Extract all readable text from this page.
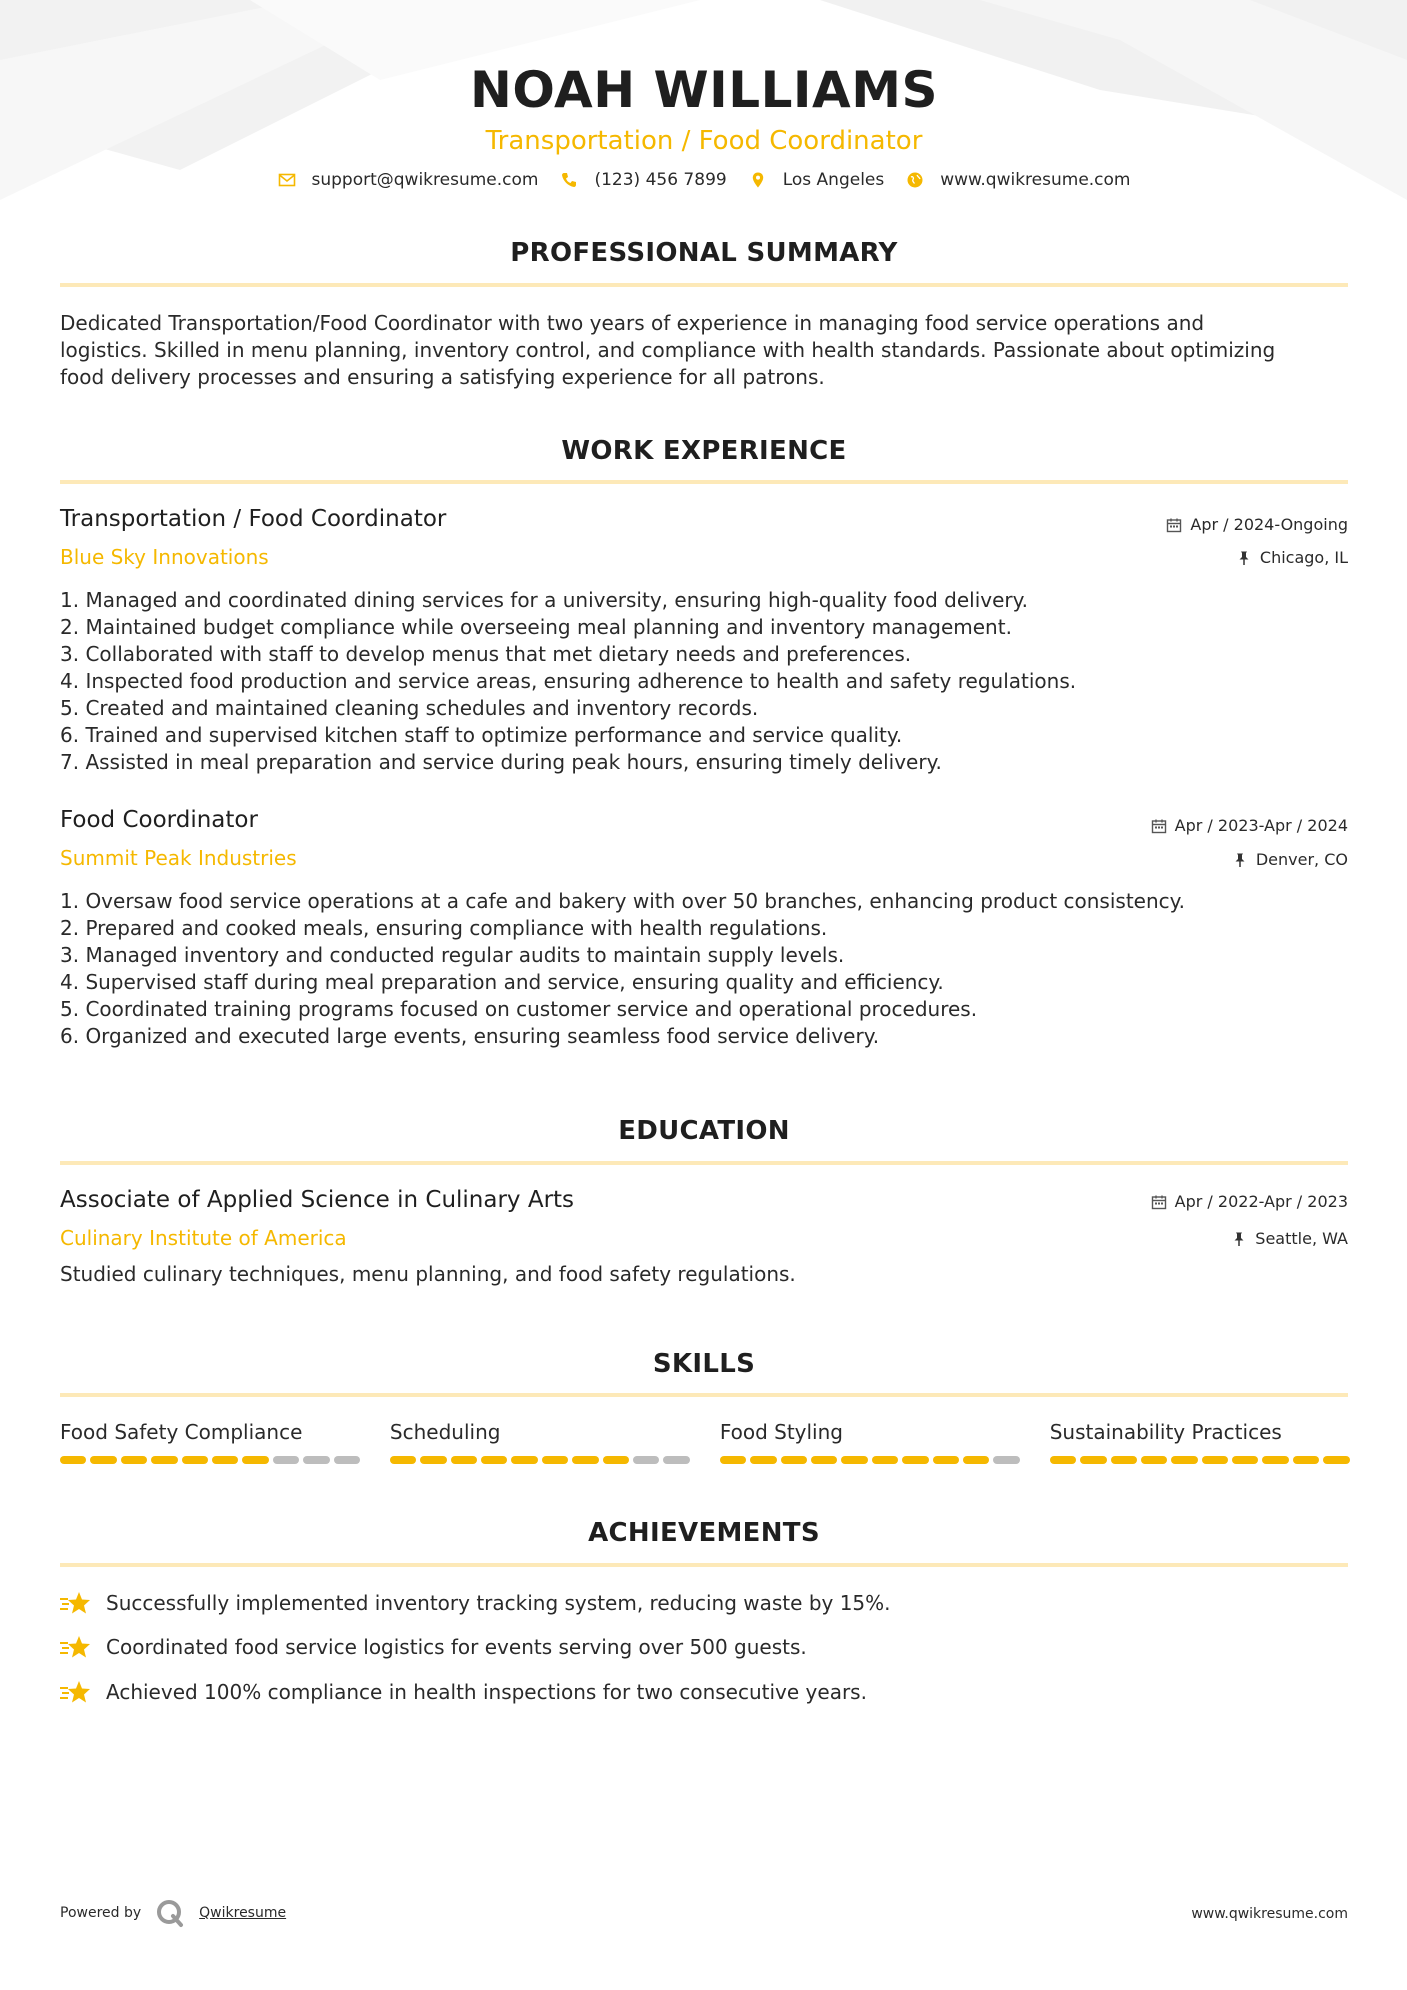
NOAH WILLIAMS
Transportation / Food Coordinator
support@qwikresume.com	(123) 456 7899	Los Angeles	www.qwikresume.com
PROFESSIONAL SUMMARY
Dedicated Transportation/Food Coordinator with two years of experience in managing food service operations and
logistics. Skilled in menu planning, inventory control, and compliance with health standards. Passionate about optimizing
food delivery processes and ensuring a satisfying experience for all patrons.
WORK EXPERIENCE
Transportation / Food Coordinator	Apr / 2024-Ongoing
Blue Sky Innovations	Chicago, IL
1. Managed and coordinated dining services for a university, ensuring high-quality food delivery.
2. Maintained budget compliance while overseeing meal planning and inventory management.
3. Collaborated with staff to develop menus that met dietary needs and preferences.
4. Inspected food production and service areas, ensuring adherence to health and safety regulations.
5. Created and maintained cleaning schedules and inventory records.
6. Trained and supervised kitchen staff to optimize performance and service quality.
7. Assisted in meal preparation and service during peak hours, ensuring timely delivery.
Food Coordinator	Apr / 2023-Apr / 2024
Summit Peak Industries	Denver, CO
1. Oversaw food service operations at a cafe and bakery with over 50 branches, enhancing product consistency.
2. Prepared and cooked meals, ensuring compliance with health regulations.
3. Managed inventory and conducted regular audits to maintain supply levels.
4. Supervised staff during meal preparation and service, ensuring quality and efficiency.
5. Coordinated training programs focused on customer service and operational procedures.
6. Organized and executed large events, ensuring seamless food service delivery.
EDUCATION
Associate of Applied Science in Culinary Arts	Apr / 2022-Apr / 2023
Culinary Institute of America	Seattle, WA
Studied culinary techniques, menu planning, and food safety regulations.
SKILLS
Food Safety Compliance	Scheduling	Food Styling	Sustainability Practices
ACHIEVEMENTS
Successfully implemented inventory tracking system, reducing waste by 15%.
Coordinated food service logistics for events serving over 500 guests.
Achieved 100% compliance in health inspections for two consecutive years.
Powered by	Qwikresume	www.qwikresume.com
